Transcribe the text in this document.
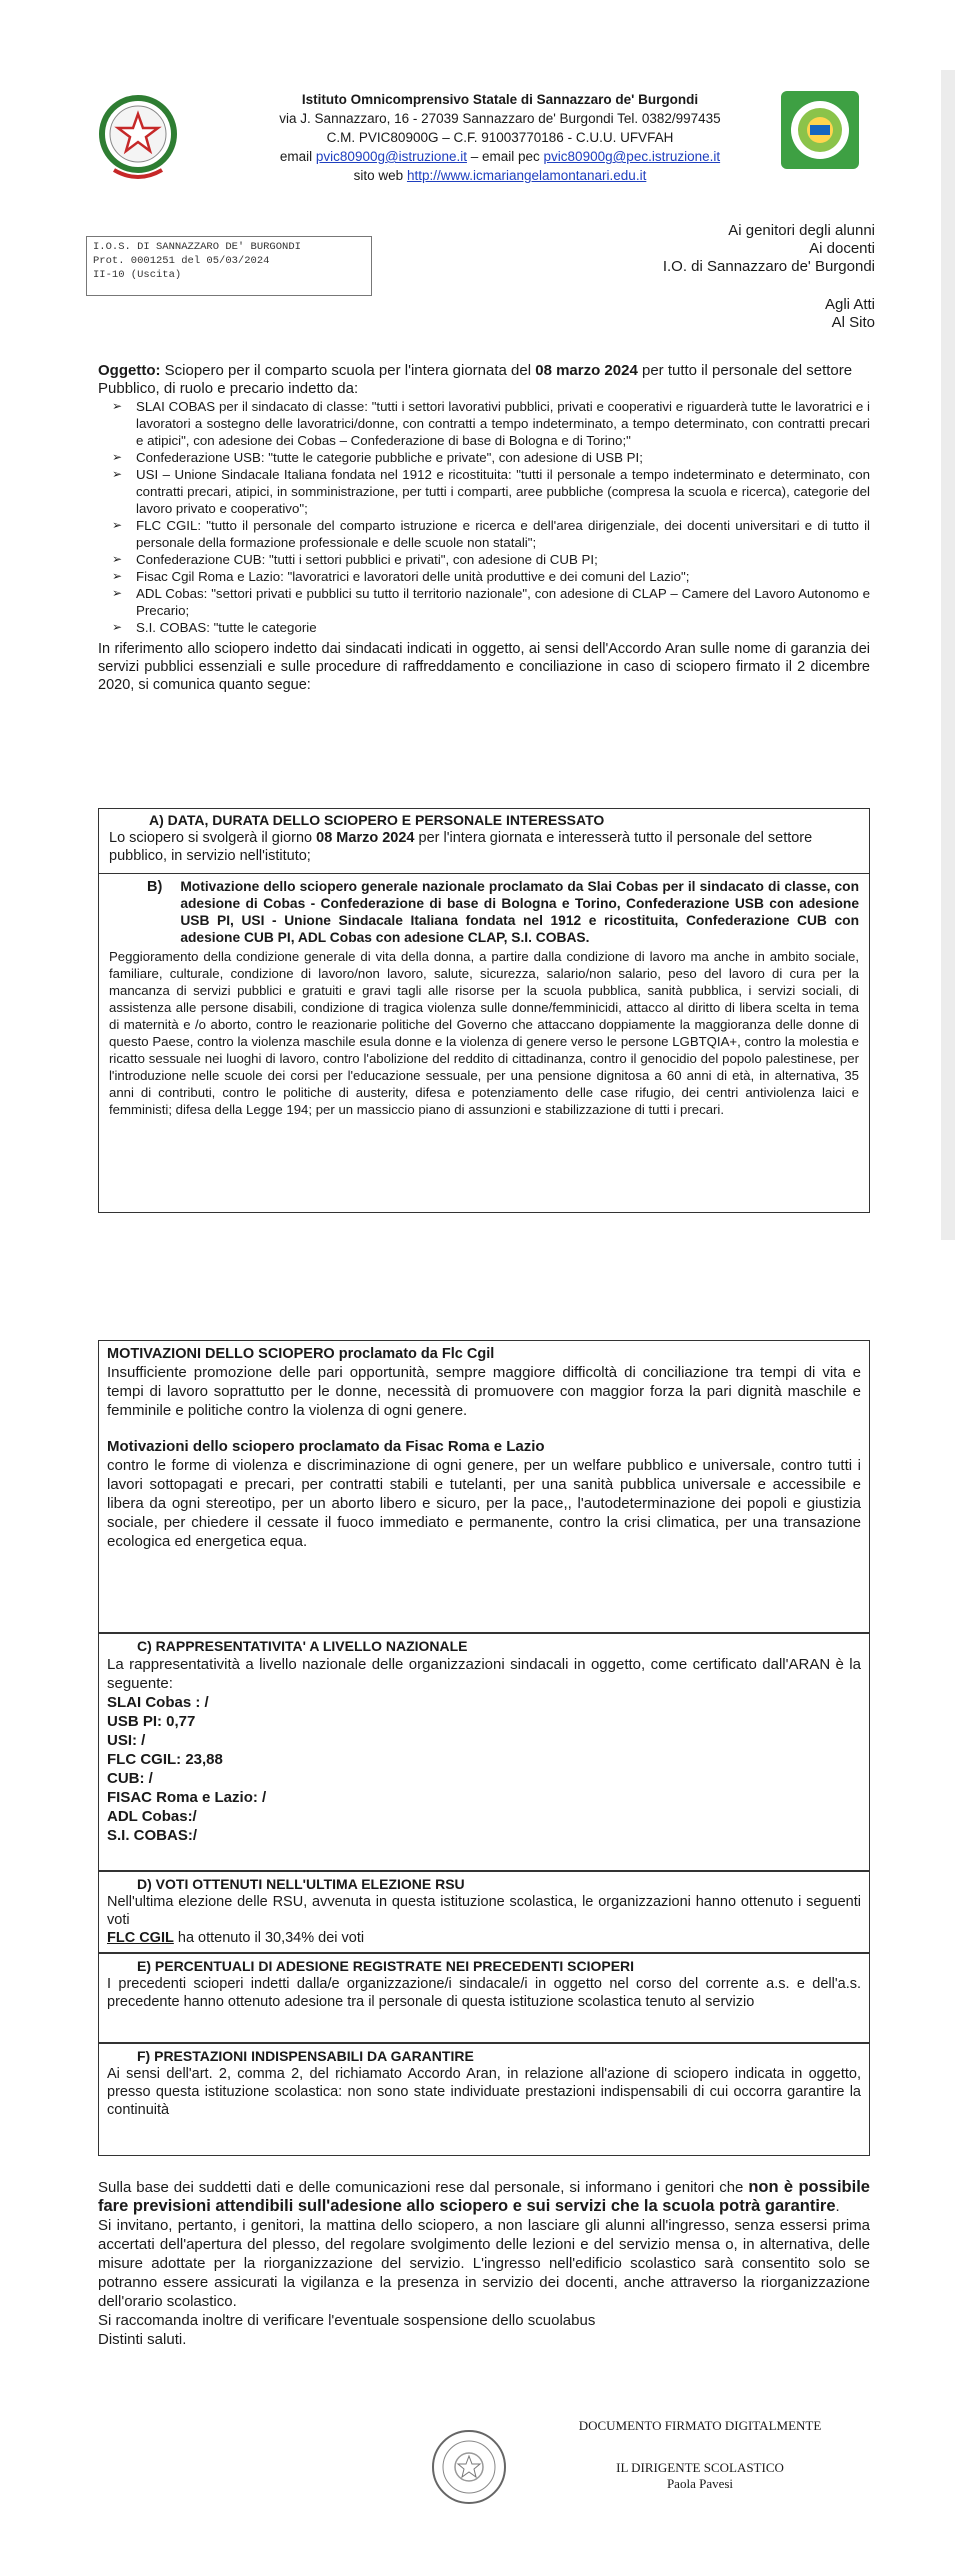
Istituto Omnicomprensivo Statale di Sannazzaro de' Burgondi
via J. Sannazzaro, 16 - 27039 Sannazzaro de' Burgondi Tel. 0382/997435
C.M. PVIC80900G – C.F. 91003770186 - C.U.U. UFVFAH
email pvic80900g@istruzione.it – email pec pvic80900g@pec.istruzione.it
sito web http://www.icmariangelamontanari.edu.it
I.O.S. DI SANNAZZARO DE' BURGONDI
Prot. 0001251 del 05/03/2024
II-10 (Uscita)
Ai genitori degli alunni
Ai docenti
I.O. di Sannazzaro de' Burgondi
Agli Atti
Al Sito
Oggetto: Sciopero per il comparto scuola per l'intera giornata del 08 marzo 2024 per tutto il personale del settore Pubblico, di ruolo e precario indetto da:
➢ SLAI COBAS per il sindacato di classe: "tutti i settori lavorativi pubblici, privati e cooperativi e riguarderà tutte le lavoratrici e i lavoratori a sostegno delle lavoratrici/donne, con contratti a tempo indeterminato, a tempo determinato, con contratti precari e atipici", con adesione dei Cobas – Confederazione di base di Bologna e di Torino;"
➢ Confederazione USB: "tutte le categorie pubbliche e private", con adesione di USB PI;
➢ USI – Unione Sindacale Italiana fondata nel 1912 e ricostituita: "tutti il personale a tempo indeterminato e determinato, con contratti precari, atipici, in somministrazione, per tutti i comparti, aree pubbliche (compresa la scuola e ricerca), categorie del lavoro privato e cooperativo";
➢ FLC CGIL: "tutto il personale del comparto istruzione e ricerca e dell'area dirigenziale, dei docenti universitari e di tutto il personale della formazione professionale e delle scuole non statali";
➢ Confederazione CUB: "tutti i settori pubblici e privati", con adesione di CUB PI;
➢ Fisac Cgil Roma e Lazio: "lavoratrici e lavoratori delle unità produttive e dei comuni del Lazio";
➢ ADL Cobas: "settori privati e pubblici su tutto il territorio nazionale", con adesione di CLAP – Camere del Lavoro Autonomo e Precario;
➢ S.I. COBAS: "tutte le categorie
In riferimento allo sciopero indetto dai sindacati indicati in oggetto, ai sensi dell'Accordo Aran sulle nome di garanzia dei servizi pubblici essenziali e sulle procedure di raffreddamento e conciliazione in caso di sciopero firmato il 2 dicembre 2020, si comunica quanto segue:
A) DATA, DURATA DELLO SCIOPERO E PERSONALE INTERESSATO
Lo sciopero si svolgerà il giorno 08 Marzo 2024 per l'intera giornata e interesserà tutto il personale del settore pubblico, in servizio nell'istituto;
B) Motivazione dello sciopero generale nazionale proclamato da Slai Cobas per il sindacato di classe, con adesione di Cobas - Confederazione di base di Bologna e Torino, Confederazione USB con adesione USB PI, USI - Unione Sindacale Italiana fondata nel 1912 e ricostituita, Confederazione CUB con adesione CUB PI, ADL Cobas con adesione CLAP, S.I. COBAS.
Peggioramento della condizione generale di vita della donna, a partire dalla condizione di lavoro ma anche in ambito sociale, familiare, culturale, condizione di lavoro/non lavoro, salute, sicurezza, salario/non salario, peso del lavoro di cura per la mancanza di servizi pubblici e gratuiti e gravi tagli alle risorse per la scuola pubblica, sanità pubblica, i servizi sociali, di assistenza alle persone disabili, condizione di tragica violenza sulle donne/femminicidi, attacco al diritto di libera scelta in tema di maternità e /o aborto, contro le reazionarie politiche del Governo che attaccano doppiamente la maggioranza delle donne di questo Paese, contro la violenza maschile esula donne e la violenza di genere verso le persone LGBTQIA+, contro la molestia e ricatto sessuale nei luoghi di lavoro, contro l'abolizione del reddito di cittadinanza, contro il genocidio del popolo palestinese, per l'introduzione nelle scuole dei corsi per l'educazione sessuale, per una pensione dignitosa a 60 anni di età, in alternativa, 35 anni di contributi, contro le politiche di austerity, difesa e potenziamento delle case rifugio, dei centri antiviolenza laici e femministi; difesa della Legge 194; per un massiccio piano di assunzioni e stabilizzazione di tutti i precari.
MOTIVAZIONI DELLO SCIOPERO proclamato da Flc Cgil
Insufficiente promozione delle pari opportunità, sempre maggiore difficoltà di conciliazione tra tempi di vita e tempi di lavoro soprattutto per le donne, necessità di promuovere con maggior forza la pari dignità maschile e femminile e politiche contro la violenza di ogni genere.
Motivazioni dello sciopero proclamato da Fisac Roma e Lazio
contro le forme di violenza e discriminazione di ogni genere, per un welfare pubblico e universale, contro tutti i lavori sottopagati e precari, per contratti stabili e tutelanti, per una sanità pubblica universale e accessibile e libera da ogni stereotipo, per un aborto libero e sicuro, per la pace,, l'autodeterminazione dei popoli e giustizia sociale, per chiedere il cessate il fuoco immediato e permanente, contro la crisi climatica, per una transazione ecologica ed energetica equa.
C) RAPPRESENTATIVITA' A LIVELLO NAZIONALE
La rappresentatività a livello nazionale delle organizzazioni sindacali in oggetto, come certificato dall'ARAN è la seguente:
SLAI Cobas : /
USB PI: 0,77
USI: /
FLC CGIL: 23,88
CUB: /
FISAC Roma e Lazio: /
ADL Cobas:/
S.I. COBAS:/
D) VOTI OTTENUTI NELL'ULTIMA ELEZIONE RSU
Nell'ultima elezione delle RSU, avvenuta in questa istituzione scolastica, le organizzazioni hanno ottenuto i seguenti voti
FLC CGIL ha ottenuto il 30,34% dei voti
E) PERCENTUALI DI ADESIONE REGISTRATE NEI PRECEDENTI SCIOPERI
I precedenti scioperi indetti dalla/e organizzazione/i sindacale/i in oggetto nel corso del corrente a.s. e dell'a.s. precedente hanno ottenuto adesione tra il personale di questa istituzione scolastica tenuto al servizio
F) PRESTAZIONI INDISPENSABILI DA GARANTIRE
Ai sensi dell'art. 2, comma 2, del richiamato Accordo Aran, in relazione all'azione di sciopero indicata in oggetto, presso questa istituzione scolastica: non sono state individuate prestazioni indispensabili di cui occorra garantire la continuità
Sulla base dei suddetti dati e delle comunicazioni rese dal personale, si informano i genitori che non è possibile fare previsioni attendibili sull'adesione allo sciopero e sui servizi che la scuola potrà garantire.
Si invitano, pertanto, i genitori, la mattina dello sciopero, a non lasciare gli alunni all'ingresso, senza essersi prima accertati dell'apertura del plesso, del regolare svolgimento delle lezioni e del servizio mensa o, in alternativa, delle misure adottate per la riorganizzazione del servizio. L'ingresso nell'edificio scolastico sarà consentito solo se potranno essere assicurati la vigilanza e la presenza in servizio dei docenti, anche attraverso la riorganizzazione dell'orario scolastico.
Si raccomanda inoltre di verificare l'eventuale sospensione dello scuolabus
Distinti saluti.
DOCUMENTO FIRMATO DIGITALMENTE
IL DIRIGENTE SCOLASTICO
Paola Pavesi
